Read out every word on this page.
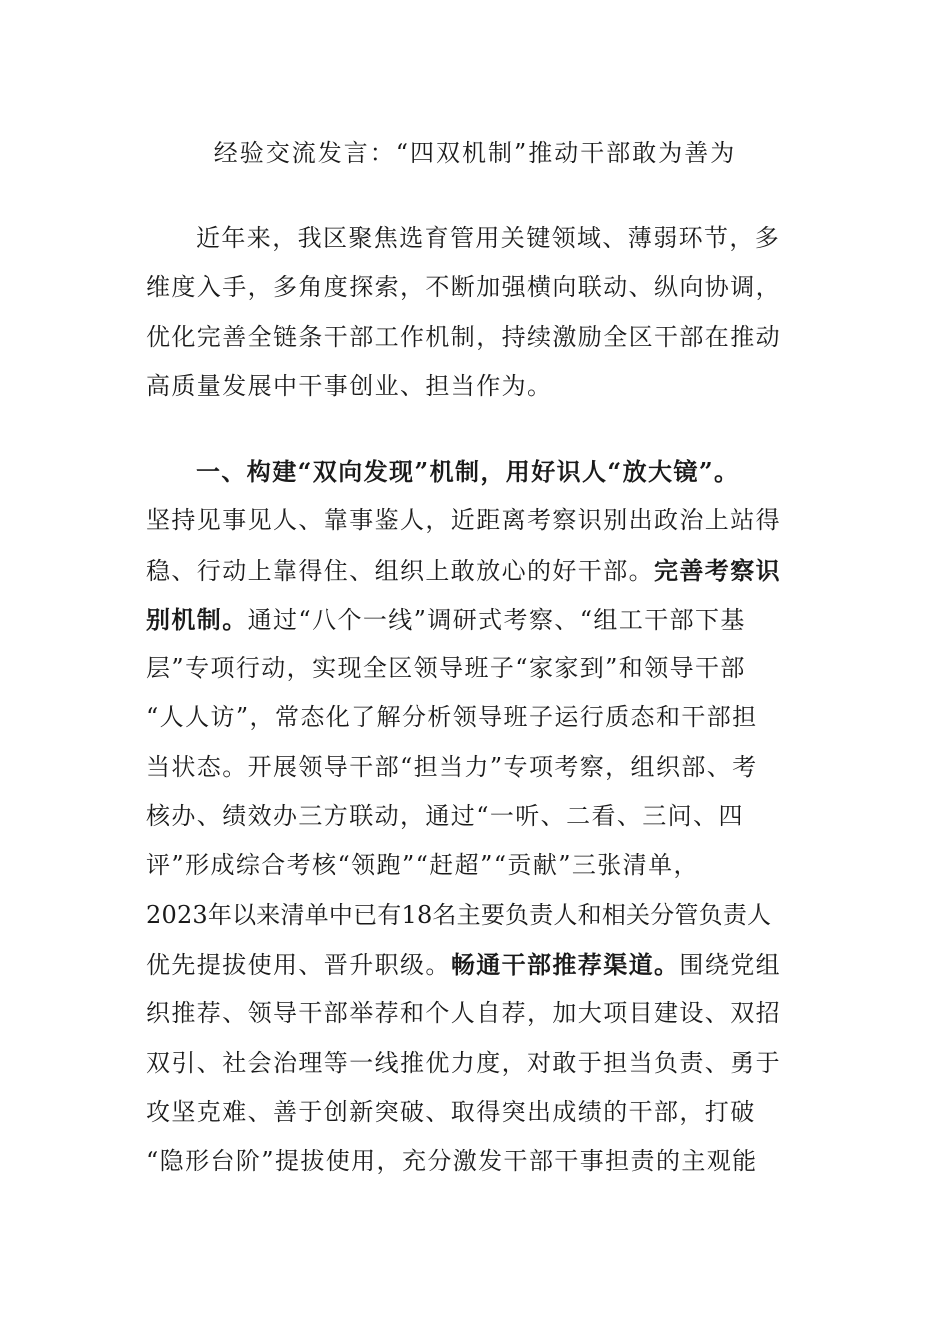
经验交流发言：“四双机制”推动干部敢为善为
近年来，我区聚焦选育管用关键领域、薄弱环节，多
维度入手，多角度探索，不断加强横向联动、纵向协调，
优化完善全链条干部工作机制，持续激励全区干部在推动
高质量发展中干事创业、担当作为。
一、构建“双向发现”机制，用好识人“放大镜”。
坚持见事见人、靠事鉴人，近距离考察识别出政治上站得
稳、行动上靠得住、组织上敢放心的好干部。完善考察识
别机制。通过“八个一线”调研式考察、“组工干部下基
层”专项行动，实现全区领导班子“家家到”和领导干部
“人人访”，常态化了解分析领导班子运行质态和干部担
当状态。开展领导干部“担当力”专项考察，组织部、考
核办、绩效办三方联动，通过“一听、二看、三问、四
评”形成综合考核“领跑”“赶超”“贡献”三张清单，
2023年以来清单中已有18名主要负责人和相关分管负责人
优先提拔使用、晋升职级。畅通干部推荐渠道。围绕党组
织推荐、领导干部举荐和个人自荐，加大项目建设、双招
双引、社会治理等一线推优力度，对敢于担当负责、勇于
攻坚克难、善于创新突破、取得突出成绩的干部，打破
“隐形台阶”提拔使用，充分激发干部干事担责的主观能
